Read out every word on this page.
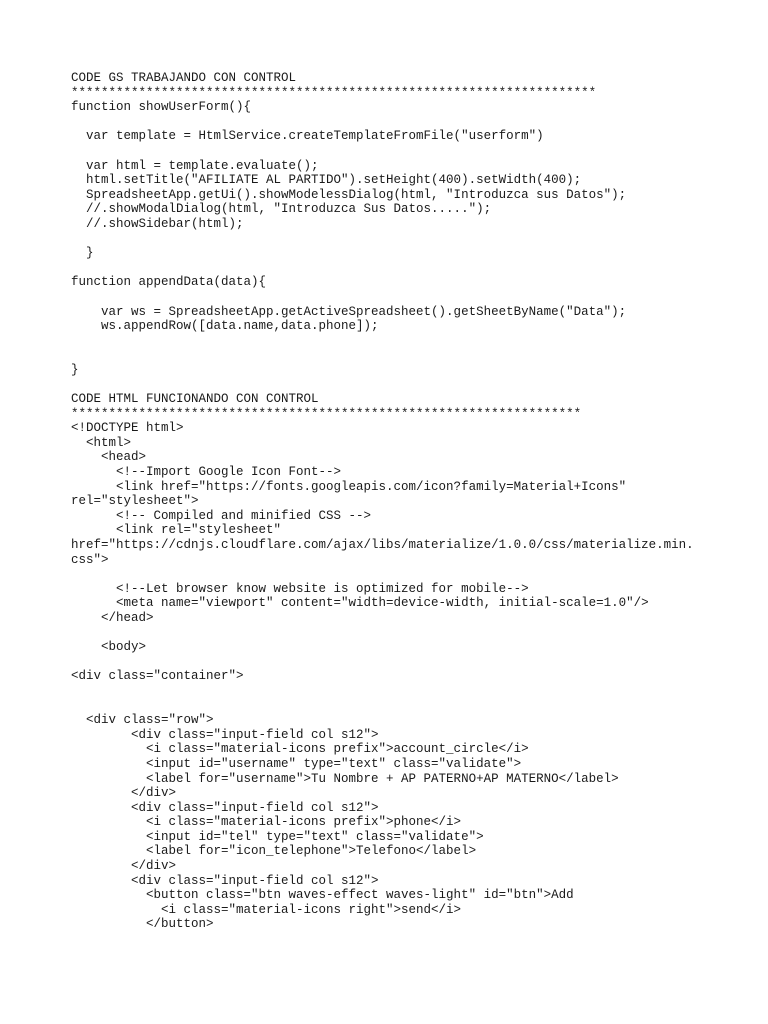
CODE GS TRABAJANDO CON CONTROL
**********************************************************************
function showUserForm(){
var template = HtmlService.createTemplateFromFile("userform")
var html = template.evaluate();
html.setTitle("AFILIATE AL PARTIDO").setHeight(400).setWidth(400);
SpreadsheetApp.getUi().showModelessDialog(html, "Introduzca sus Datos");
//.showModalDialog(html, "Introduzca Sus Datos.....");
//.showSidebar(html);
}
function appendData(data){
var ws = SpreadsheetApp.getActiveSpreadsheet().getSheetByName("Data");
ws.appendRow([data.name,data.phone]);
}
CODE HTML FUNCIONANDO CON CONTROL
********************************************************************
<!DOCTYPE html>
<html>
<head>
<!--Import Google Icon Font-->
<link href="https://fonts.googleapis.com/icon?family=Material+Icons"
rel="stylesheet">
<!-- Compiled and minified CSS -->
<link rel="stylesheet"
href="https://cdnjs.cloudflare.com/ajax/libs/materialize/1.0.0/css/materialize.min.
css">
<!--Let browser know website is optimized for mobile-->
<meta name="viewport" content="width=device-width, initial-scale=1.0"/>
</head>
<body>
<div class="container">
<div class="row">
<div class="input-field col s12">
<i class="material-icons prefix">account_circle</i>
<input id="username" type="text" class="validate">
<label for="username">Tu Nombre + AP PATERNO+AP MATERNO</label>
</div>
<div class="input-field col s12">
<i class="material-icons prefix">phone</i>
<input id="tel" type="text" class="validate">
<label for="icon_telephone">Telefono</label>
</div>
<div class="input-field col s12">
<button class="btn waves-effect waves-light" id="btn">Add
<i class="material-icons right">send</i>
</button>
